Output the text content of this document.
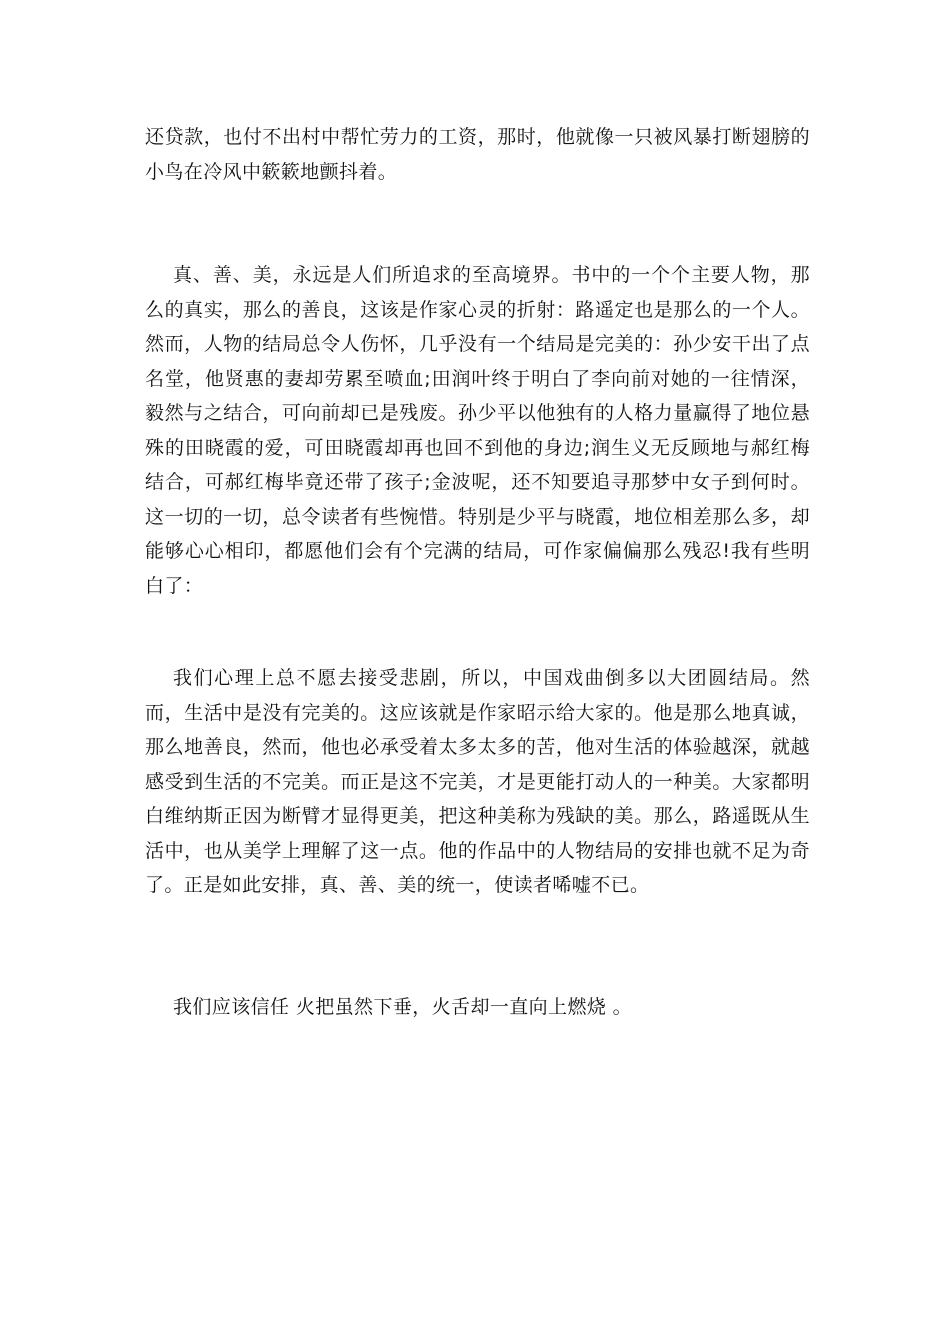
还贷款，也付不出村中帮忙劳力的工资，那时，他就像一只被风暴打断翅膀的小鸟在冷风中簌簌地颤抖着。

真、善、美，永远是人们所追求的至高境界。书中的一个个主要人物，那么的真实，那么的善良，这该是作家心灵的折射：路遥定也是那么的一个人。然而，人物的结局总令人伤怀，几乎没有一个结局是完美的：孙少安干出了点名堂，他贤惠的妻却劳累至喷血;田润叶终于明白了李向前对她的一往情深，毅然与之结合，可向前却已是残废。孙少平以他独有的人格力量赢得了地位悬殊的田晓霞的爱，可田晓霞却再也回不到他的身边;润生义无反顾地与郝红梅结合，可郝红梅毕竟还带了孩子;金波呢，还不知要追寻那梦中女子到何时。这一切的一切，总令读者有些惋惜。特别是少平与晓霞，地位相差那么多，却能够心心相印，都愿他们会有个完满的结局，可作家偏偏那么残忍!我有些明白了：

我们心理上总不愿去接受悲剧，所以，中国戏曲倒多以大团圆结局。然而，生活中是没有完美的。这应该就是作家昭示给大家的。他是那么地真诚，那么地善良，然而，他也必承受着太多太多的苦，他对生活的体验越深，就越感受到生活的不完美。而正是这不完美，才是更能打动人的一种美。大家都明白维纳斯正因为断臂才显得更美，把这种美称为残缺的美。那么，路遥既从生活中，也从美学上理解了这一点。他的作品中的人物结局的安排也就不足为奇了。正是如此安排，真、善、美的统一，使读者唏嘘不已。

我们应该信任 火把虽然下垂，火舌却一直向上燃烧 。
